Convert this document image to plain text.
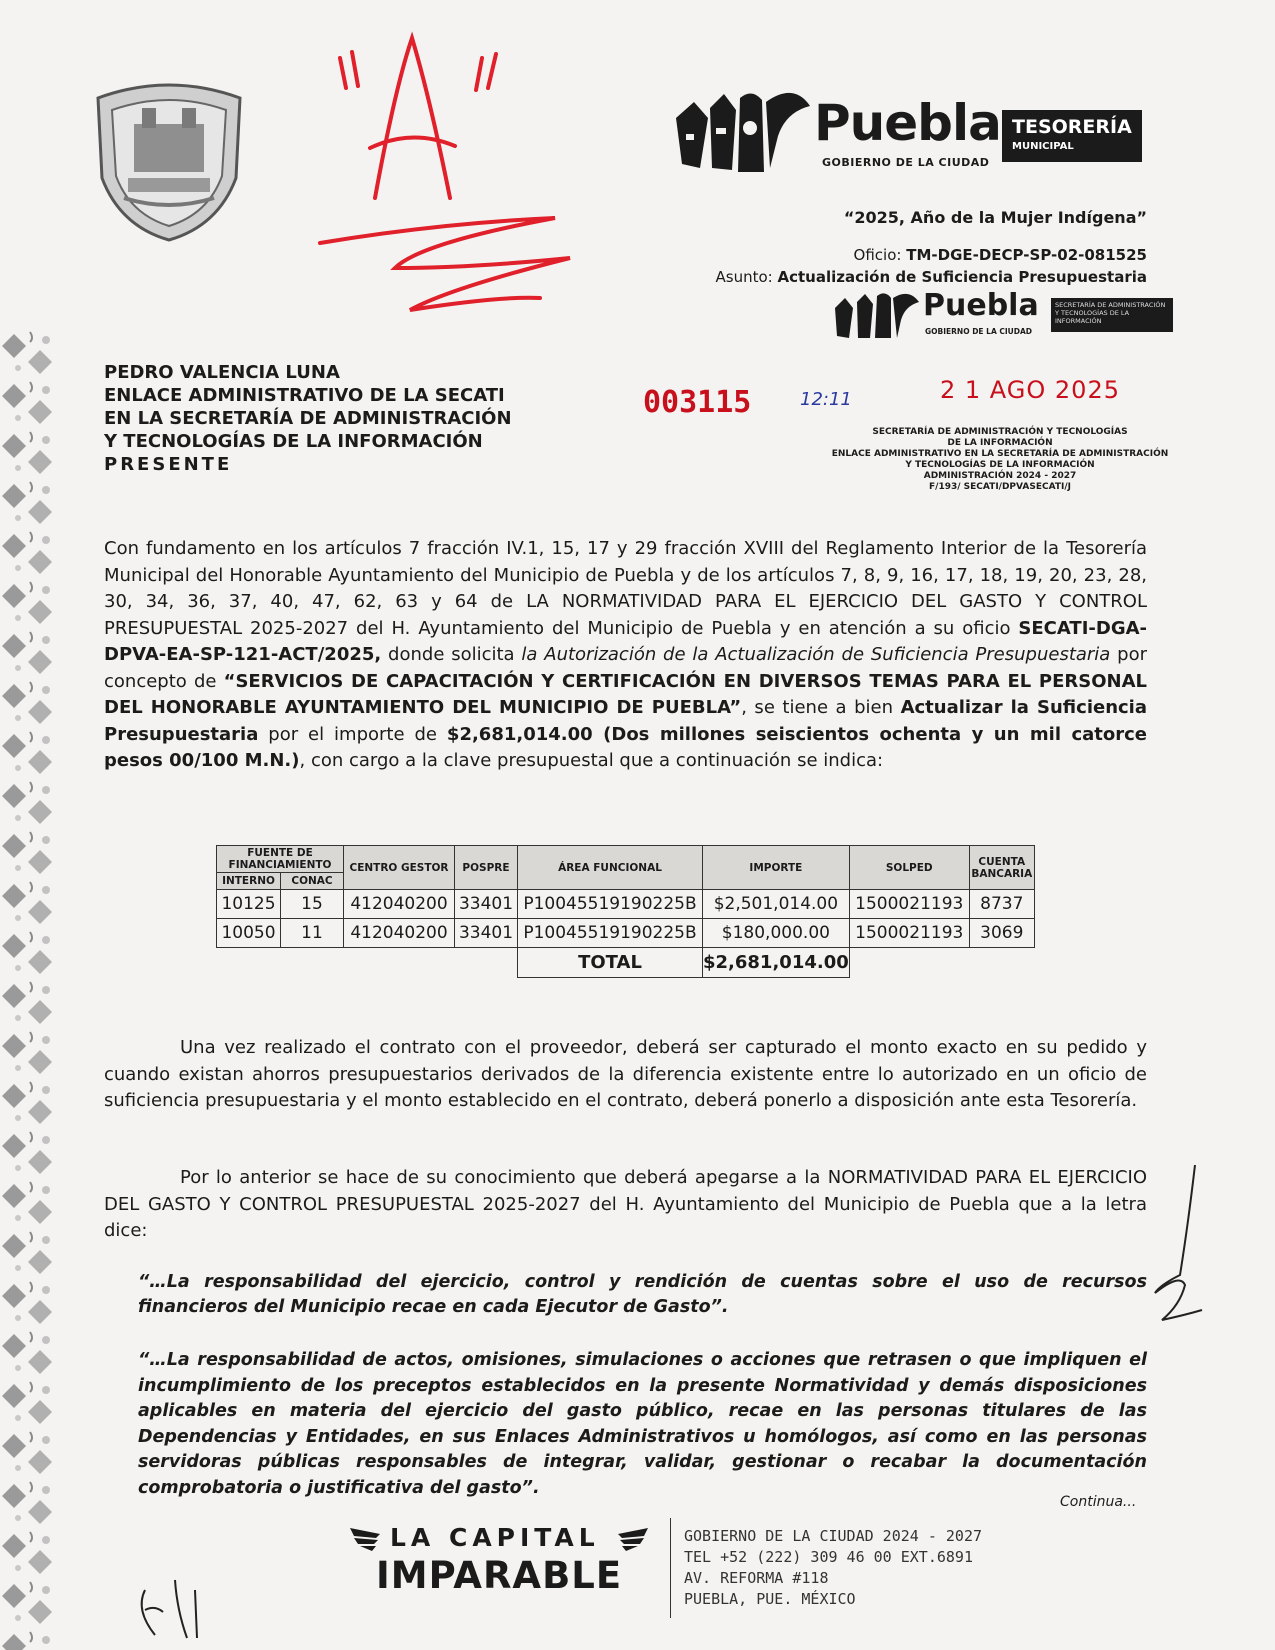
Puebla
GOBIERNO DE LA CIUDAD
TESORERÍA
MUNICIPAL
“2025, Año de la Mujer Indígena”
Oficio: TM-DGE-DECP-SP-02-081525
Asunto: Actualización de Suficiencia Presupuestaria
Puebla
GOBIERNO DE LA CIUDAD
SECRETARÍA DE ADMINISTRACIÓN Y TECNOLOGÍAS DE LA INFORMACIÓN
003115	12:11	2 1 AGO 2025
SECRETARÍA DE ADMINISTRACIÓN Y TECNOLOGÍAS
DE LA INFORMACIÓN
ENLACE ADMINISTRATIVO EN LA SECRETARÍA DE ADMINISTRACIÓN
Y TECNOLOGÍAS DE LA INFORMACIÓN
ADMINISTRACIÓN 2024 - 2027
F/193/ SECATI/DPVASECATI/J
PEDRO VALENCIA LUNA
ENLACE ADMINISTRATIVO DE LA SECATI
EN LA SECRETARÍA DE ADMINISTRACIÓN
Y TECNOLOGÍAS DE LA INFORMACIÓN
PRESENTE
Con fundamento en los artículos 7 fracción IV.1, 15, 17 y 29 fracción XVIII del Reglamento Interior de la Tesorería Municipal del Honorable Ayuntamiento del Municipio de Puebla y de los artículos 7, 8, 9, 16, 17, 18, 19, 20, 23, 28, 30, 34, 36, 37, 40, 47, 62, 63 y 64 de LA NORMATIVIDAD PARA EL EJERCICIO DEL GASTO Y CONTROL PRESUPUESTAL 2025-2027 del H. Ayuntamiento del Municipio de Puebla y en atención a su oficio SECATI-DGA-DPVA-EA-SP-121-ACT/2025, donde solicita la Autorización de la Actualización de Suficiencia Presupuestaria por concepto de “SERVICIOS DE CAPACITACIÓN Y CERTIFICACIÓN EN DIVERSOS TEMAS PARA EL PERSONAL DEL HONORABLE AYUNTAMIENTO DEL MUNICIPIO DE PUEBLA”, se tiene a bien Actualizar la Suficiencia Presupuestaria por el importe de $2,681,014.00 (Dos millones seiscientos ochenta y un mil catorce pesos 00/100 M.N.), con cargo a la clave presupuestal que a continuación se indica:
FUENTE DE FINANCIAMIENTO		CENTRO GESTOR	POSPRE	ÁREA FUNCIONAL	IMPORTE	SOLPED	CUENTA BANCARIA
INTERNO	CONAC						
10125	15	412040200	33401	P10045519190225B	$2,501,014.00	1500021193	8737
10050	11	412040200	33401	P10045519190225B	$180,000.00	1500021193	3069
				TOTAL	$2,681,014.00		
Una vez realizado el contrato con el proveedor, deberá ser capturado el monto exacto en su pedido y cuando existan ahorros presupuestarios derivados de la diferencia existente entre lo autorizado en un oficio de suficiencia presupuestaria y el monto establecido en el contrato, deberá ponerlo a disposición ante esta Tesorería.
Por lo anterior se hace de su conocimiento que deberá apegarse a la NORMATIVIDAD PARA EL EJERCICIO DEL GASTO Y CONTROL PRESUPUESTAL 2025-2027 del H. Ayuntamiento del Municipio de Puebla que a la letra dice:
“…La responsabilidad del ejercicio, control y rendición de cuentas sobre el uso de recursos financieros del Municipio recae en cada Ejecutor de Gasto”.
“…La responsabilidad de actos, omisiones, simulaciones o acciones que retrasen o que impliquen el incumplimiento de los preceptos establecidos en la presente Normatividad y demás disposiciones aplicables en materia del ejercicio del gasto público, recae en las personas titulares de las Dependencias y Entidades, en sus Enlaces Administrativos u homólogos, así como en las personas servidoras públicas responsables de integrar, validar, gestionar o recabar la documentación comprobatoria o justificativa del gasto”.
Continua...
LA CAPITAL
IMPARABLE
GOBIERNO DE LA CIUDAD 2024 - 2027
TEL +52 (222) 309 46 00 EXT.6891
AV. REFORMA #118
PUEBLA, PUE. MÉXICO
